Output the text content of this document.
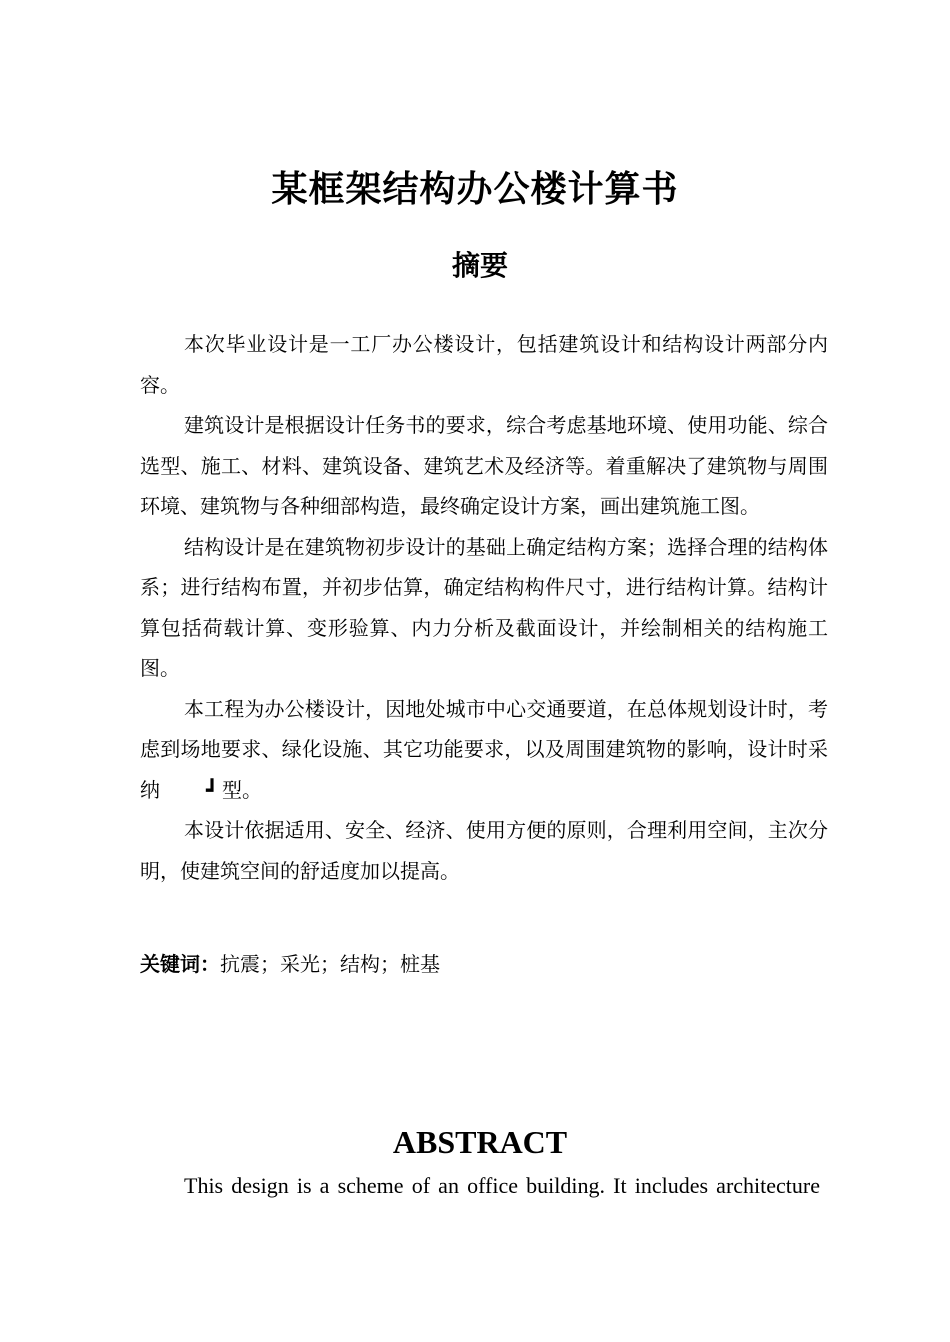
某框架结构办公楼计算书
摘要

本次毕业设计是一工厂办公楼设计，包括建筑设计和结构设计两部分内容。

建筑设计是根据设计任务书的要求，综合考虑基地环境、使用功能、综合选型、施工、材料、建筑设备、建筑艺术及经济等。着重解决了建筑物与周围环境、建筑物与各种细部构造，最终确定设计方案，画出建筑施工图。

结构设计是在建筑物初步设计的基础上确定结构方案；选择合理的结构体系；进行结构布置，并初步估算，确定结构构件尺寸，进行结构计算。结构计算包括荷载计算、变形验算、内力分析及截面设计，并绘制相关的结构施工图。

本工程为办公楼设计，因地处城市中心交通要道，在总体规划设计时，考虑到场地要求、绿化设施、其它功能要求，以及周围建筑物的影响，设计时采纳 ┛ 型。

本设计依据适用、安全、经济、使用方便的原则，合理利用空间，主次分明，使建筑空间的舒适度加以提高。

关键词：抗震；采光；结构；桩基
ABSTRACT
This design is a scheme of an office building. It includes architecture
